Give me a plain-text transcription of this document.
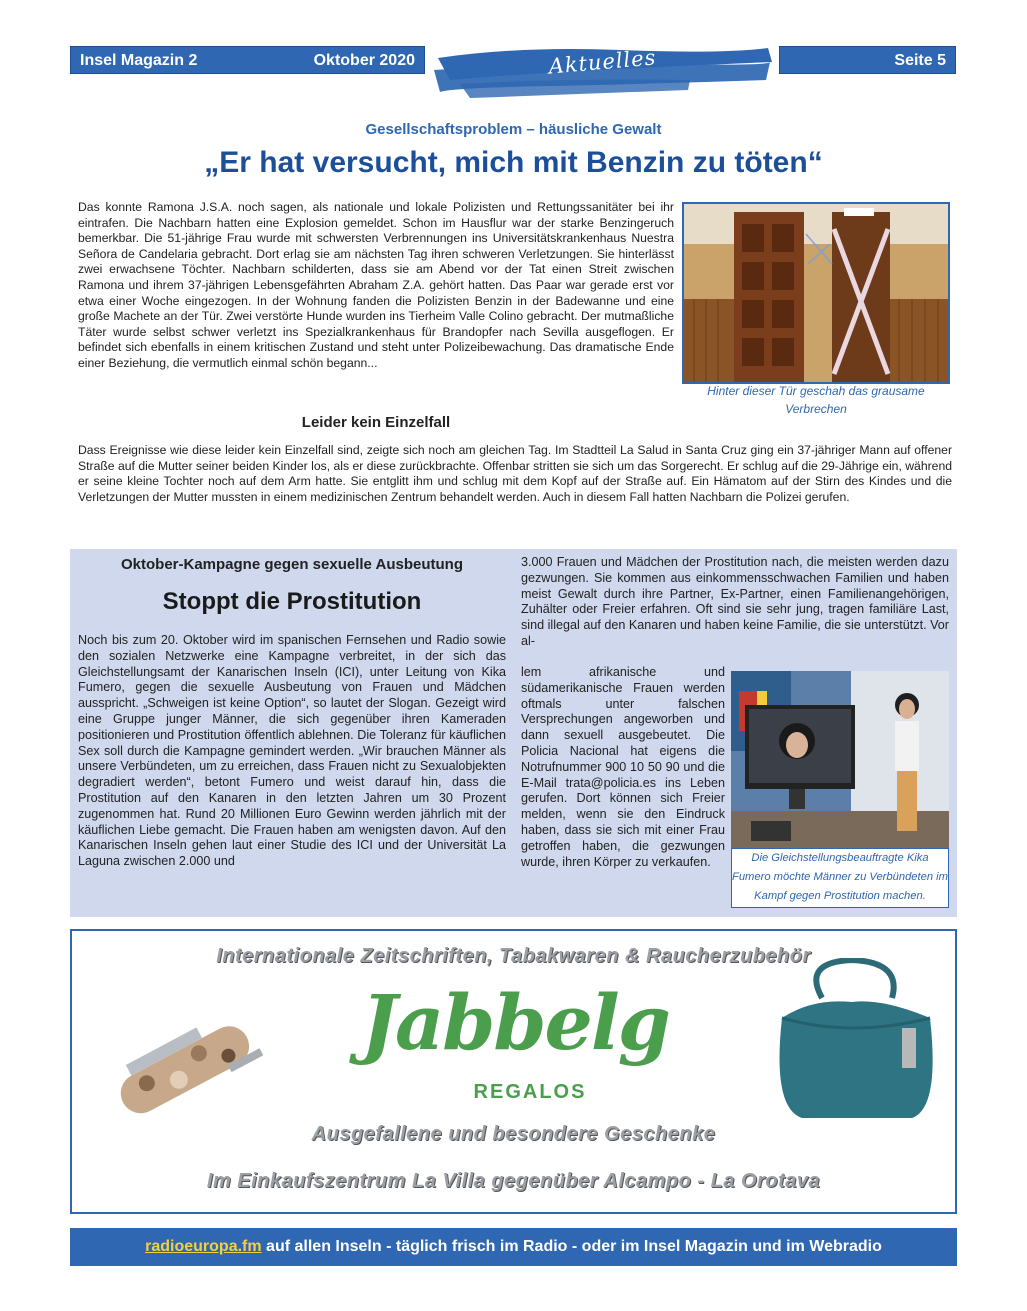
Insel Magazin 2	Oktober 2020	Aktuelles	Seite 5
Gesellschaftsproblem – häusliche Gewalt
„Er hat versucht, mich mit Benzin zu töten“
Das konnte Ramona J.S.A. noch sagen, als nationale und lokale Polizisten und Rettungssanitäter bei ihr eintrafen. Die Nachbarn hatten eine Explosion gemeldet. Schon im Hausflur war der starke Benzingeruch bemerkbar. Die 51-jährige Frau wurde mit schwersten Verbrennungen ins Universitätskrankenhaus Nuestra Señora de Candelaria gebracht. Dort erlag sie am nächsten Tag ihren schweren Verletzungen. Sie hinterlässt zwei erwachsene Töchter. Nachbarn schilderten, dass sie am Abend vor der Tat einen Streit zwischen Ramona und ihrem 37-jährigen Lebensgefährten Abraham Z.A. gehört hatten. Das Paar war gerade erst vor etwa einer Woche eingezogen. In der Wohnung fanden die Polizisten Benzin in der Badewanne und eine große Machete an der Tür. Zwei verstörte Hunde wurden ins Tierheim Valle Colino gebracht. Der mutmaßliche Täter wurde selbst schwer verletzt ins Spezialkrankenhaus für Brandopfer nach Sevilla ausgeflogen. Er befindet sich ebenfalls in einem kritischen Zustand und steht unter Polizeibewachung. Das dramatische Ende einer Beziehung, die vermutlich einmal schön begann...
Hinter dieser Tür geschah das grausame Verbrechen
Leider kein Einzelfall
Dass Ereignisse wie diese leider kein Einzelfall sind, zeigte sich noch am gleichen Tag. Im Stadtteil La Salud in Santa Cruz ging ein 37-jähriger Mann auf offener Straße auf die Mutter seiner beiden Kinder los, als er diese zurückbrachte. Offenbar stritten sie sich um das Sorgerecht. Er schlug auf die 29-Jährige ein, während er seine kleine Tochter noch auf dem Arm hatte. Sie entglitt ihm und schlug mit dem Kopf auf der Straße auf. Ein Hämatom auf der Stirn des Kindes und die Verletzungen der Mutter mussten in einem medizinischen Zentrum behandelt werden. Auch in diesem Fall hatten Nachbarn die Polizei gerufen.
Oktober-Kampagne gegen sexuelle Ausbeutung
Stoppt die Prostitution
Noch bis zum 20. Oktober wird im spanischen Fernsehen und Radio sowie den sozialen Netzwerke eine Kampagne verbreitet, in der sich das Gleichstellungsamt der Kanarischen Inseln (ICI), unter Leitung von Kika Fumero, gegen die sexuelle Ausbeutung von Frauen und Mädchen ausspricht. „Schweigen ist keine Option“, so lautet der Slogan. Gezeigt wird eine Gruppe junger Männer, die sich gegenüber ihren Kameraden positionieren und Prostitution öffentlich ablehnen. Die Toleranz für käuflichen Sex soll durch die Kampagne gemindert werden. „Wir brauchen Männer als unsere Verbündeten, um zu erreichen, dass Frauen nicht zu Sexualobjekten degradiert werden“, betont Fumero und weist darauf hin, dass die Prostitution auf den Kanaren in den letzten Jahren um 30 Prozent zugenommen hat. Rund 20 Millionen Euro Gewinn werden jährlich mit der käuflichen Liebe gemacht. Die Frauen haben am wenigsten davon. Auf den Kanarischen Inseln gehen laut einer Studie des ICI und der Universität La Laguna zwischen 2.000 und
3.000 Frauen und Mädchen der Prostitution nach, die meisten werden dazu gezwungen. Sie kommen aus einkommensschwachen Familien und haben meist Gewalt durch ihre Partner, Ex-Partner, einen Familienangehörigen, Zuhälter oder Freier erfahren. Oft sind sie sehr jung, tragen familiäre Last, sind illegal auf den Kanaren und haben keine Familie, die sie unterstützt. Vor al-
lem afrikanische und südamerikanische Frauen werden oftmals unter falschen Versprechungen angeworben und dann sexuell ausgebeutet. Die Policia Nacional hat eigens die Notrufnummer 900 10 50 90 und die E-Mail trata@policia.es ins Leben gerufen. Dort können sich Freier melden, wenn sie den Eindruck haben, dass sie sich mit einer Frau getroffen haben, die gezwungen wurde, ihren Körper zu verkaufen.	Die Gleichstellungsbeauftragte Kika Fumero möchte Männer zu Verbündeten im Kampf gegen Prostitution machen.
Internationale Zeitschriften, Tabakwaren & Raucherzubehör
Jabbelg
REGALOS
Ausgefallene und besondere Geschenke
Im Einkaufszentrum La Villa gegenüber Alcampo - La Orotava
radioeuropa.fm auf allen Inseln - täglich frisch im Radio - oder im Insel Magazin und im Webradio
